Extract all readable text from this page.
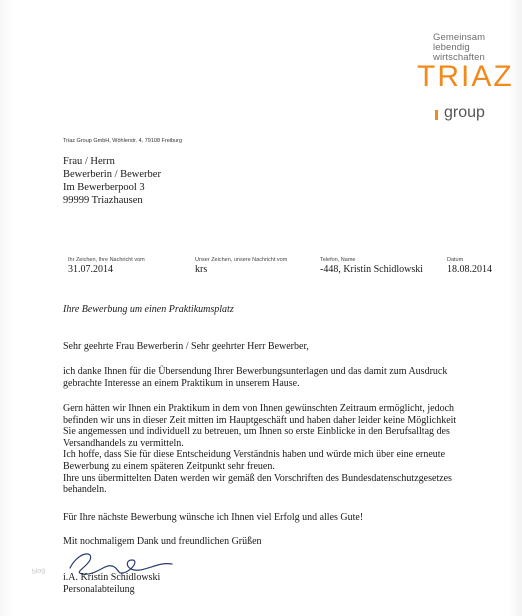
Gemeinsam
lebendig
wirtschaften
TRIAZ
group
Triaz Group GmbH, Wöhlerstr. 4, 79108 Freiburg
Frau / Herrn
Bewerberin / Bewerber
Im Bewerberpool 3
99999 Triazhausen
Ihr Zeichen, Ihre Nachricht vom
31.07.2014
Unser Zeichen, unsere Nachricht vom
krs
Telefon, Name
-448, Kristin Schidlowski
Datum
18.08.2014
Ihre Bewerbung um einen Praktikumsplatz
Sehr geehrte Frau Bewerberin / Sehr geehrter Herr Bewerber,
ich danke Ihnen für die Übersendung Ihrer Bewerbungsunterlagen und das damit zum Ausdruck
gebrachte Interesse an einem Praktikum in unserem Hause.
Gern hätten wir Ihnen ein Praktikum in dem von Ihnen gewünschten Zeitraum ermöglicht, jedoch
befinden wir uns in dieser Zeit mitten im Hauptgeschäft und haben daher leider keine Möglichkeit
Sie angemessen und individuell zu betreuen, um Ihnen so erste Einblicke in den Berufsalltag des
Versandhandels zu vermitteln.
Ich hoffe, dass Sie für diese Entscheidung Verständnis haben und würde mich über eine erneute
Bewerbung zu einem späteren Zeitpunkt sehr freuen.
Ihre uns übermittelten Daten werden wir gemäß den Vorschriften des Bundesdatenschutzgesetzes
behandeln.
Für Ihre nächste Bewerbung wünsche ich Ihnen viel Erfolg und alles Gute!
Mit nochmaligem Dank und freundlichen Grüßen
blog
i.A. Kristin Schidlowski
Personalabteilung
